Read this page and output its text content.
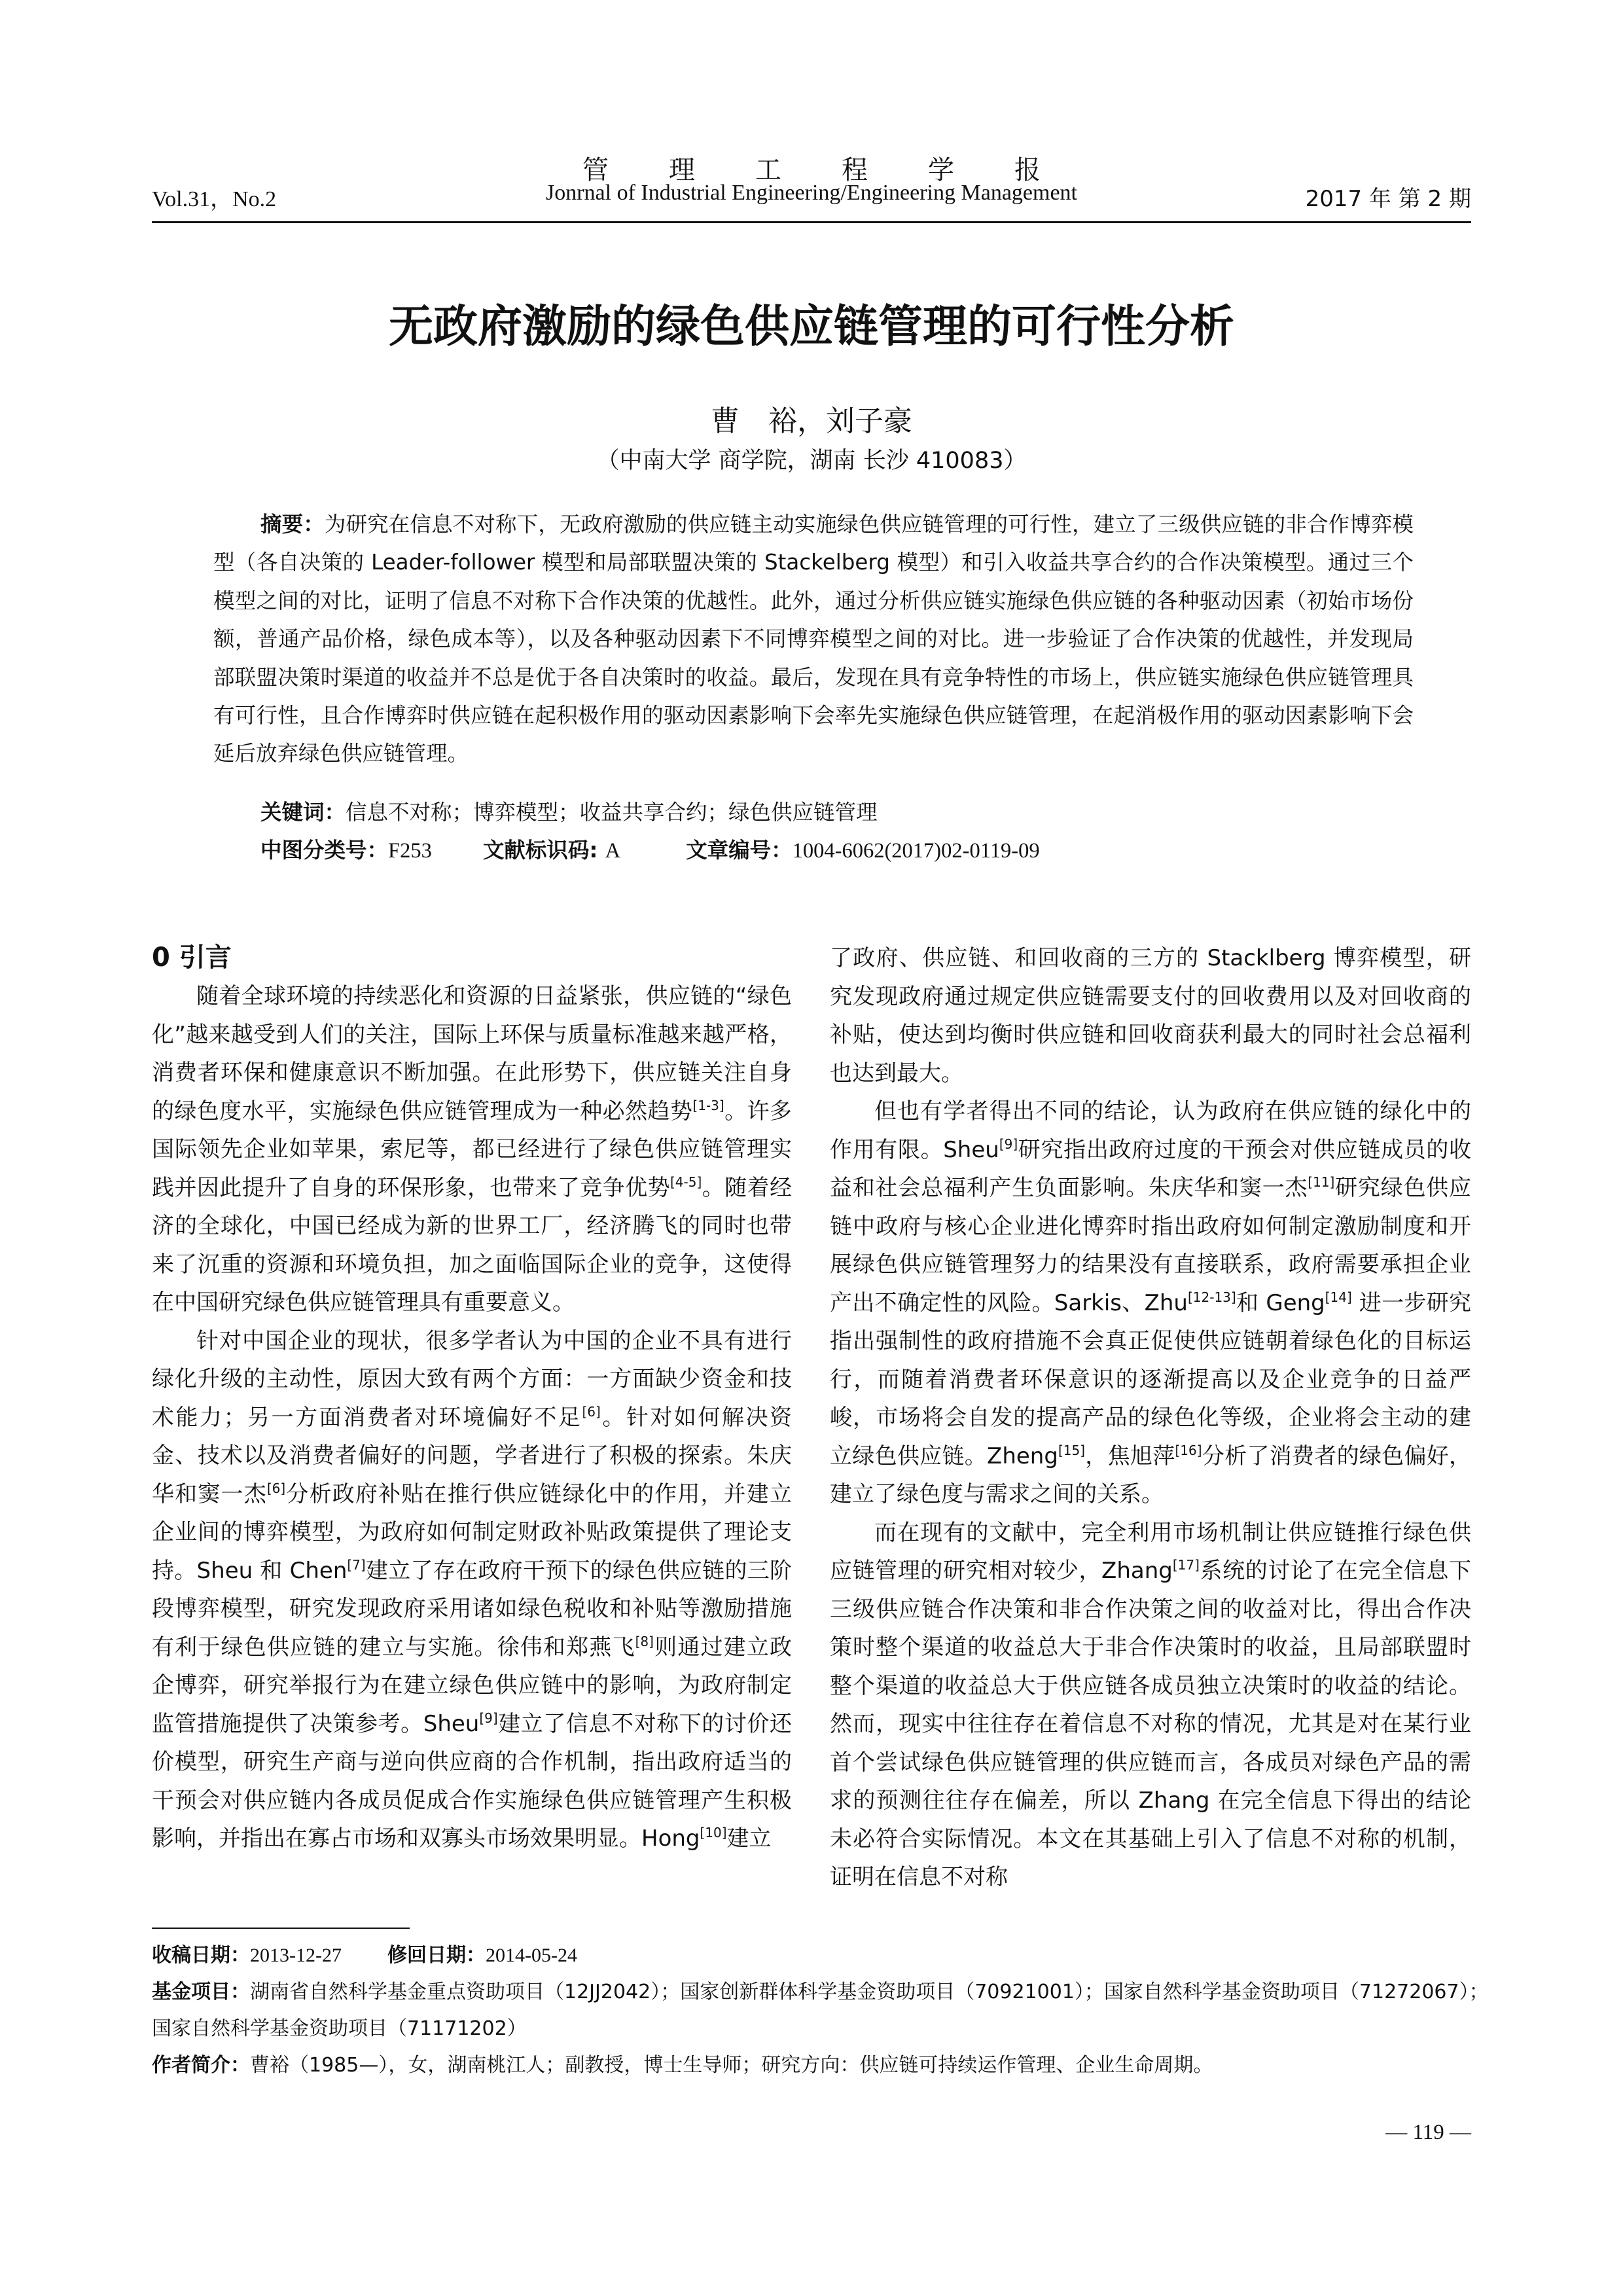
管理工程学报
Vol.31，No.2	Jonrnal of Industrial Engineering/Engineering Management	2017 年 第 2 期
无政府激励的绿色供应链管理的可行性分析
曹　裕，刘子豪
（中南大学 商学院，湖南 长沙 410083）
摘要：为研究在信息不对称下，无政府激励的供应链主动实施绿色供应链管理的可行性，建立了三级供应链的非合作博弈模型（各自决策的 Leader-follower 模型和局部联盟决策的 Stackelberg 模型）和引入收益共享合约的合作决策模型。通过三个模型之间的对比，证明了信息不对称下合作决策的优越性。此外，通过分析供应链实施绿色供应链的各种驱动因素（初始市场份额，普通产品价格，绿色成本等），以及各种驱动因素下不同博弈模型之间的对比。进一步验证了合作决策的优越性，并发现局部联盟决策时渠道的收益并不总是优于各自决策时的收益。最后，发现在具有竞争特性的市场上，供应链实施绿色供应链管理具有可行性，且合作博弈时供应链在起积极作用的驱动因素影响下会率先实施绿色供应链管理，在起消极作用的驱动因素影响下会延后放弃绿色供应链管理。
关键词：信息不对称；博弈模型；收益共享合约；绿色供应链管理
中图分类号：F253 文献标识码: A	文章编号：1004-6062(2017)02-0119-09
0 引言

随着全球环境的持续恶化和资源的日益紧张，供应链的“绿色化”越来越受到人们的关注，国际上环保与质量标准越来越严格，消费者环保和健康意识不断加强。在此形势下，供应链关注自身的绿色度水平，实施绿色供应链管理成为一种必然趋势[1-3]。许多国际领先企业如苹果，索尼等，都已经进行了绿色供应链管理实践并因此提升了自身的环保形象，也带来了竞争优势[4-5]。随着经济的全球化，中国已经成为新的世界工厂，经济腾飞的同时也带来了沉重的资源和环境负担，加之面临国际企业的竞争，这使得在中国研究绿色供应链管理具有重要意义。

针对中国企业的现状，很多学者认为中国的企业不具有进行绿化升级的主动性，原因大致有两个方面：一方面缺少资金和技术能力；另一方面消费者对环境偏好不足[6]。针对如何解决资金、技术以及消费者偏好的问题，学者进行了积极的探索。朱庆华和窦一杰[6]分析政府补贴在推行供应链绿化中的作用，并建立企业间的博弈模型，为政府如何制定财政补贴政策提供了理论支持。Sheu 和 Chen[7]建立了存在政府干预下的绿色供应链的三阶段博弈模型，研究发现政府采用诸如绿色税收和补贴等激励措施有利于绿色供应链的建立与实施。徐伟和郑燕飞[8]则通过建立政企博弈，研究举报行为在建立绿色供应链中的影响，为政府制定监管措施提供了决策参考。Sheu[9]建立了信息不对称下的讨价还价模型，研究生产商与逆向供应商的合作机制，指出政府适当的干预会对供应链内各成员促成合作实施绿色供应链管理产生积极影响，并指出在寡占市场和双寡头市场效果明显。Hong[10]建立

了政府、供应链、和回收商的三方的 Stacklberg 博弈模型，研究发现政府通过规定供应链需要支付的回收费用以及对回收商的补贴，使达到均衡时供应链和回收商获利最大的同时社会总福利也达到最大。

但也有学者得出不同的结论，认为政府在供应链的绿化中的作用有限。Sheu[9]研究指出政府过度的干预会对供应链成员的收益和社会总福利产生负面影响。朱庆华和窦一杰[11]研究绿色供应链中政府与核心企业进化博弈时指出政府如何制定激励制度和开展绿色供应链管理努力的结果没有直接联系，政府需要承担企业产出不确定性的风险。Sarkis、Zhu[12-13]和 Geng[14] 进一步研究指出强制性的政府措施不会真正促使供应链朝着绿色化的目标运行，而随着消费者环保意识的逐渐提高以及企业竞争的日益严峻，市场将会自发的提高产品的绿色化等级，企业将会主动的建立绿色供应链。Zheng[15]，焦旭萍[16]分析了消费者的绿色偏好，建立了绿色度与需求之间的关系。

而在现有的文献中，完全利用市场机制让供应链推行绿色供应链管理的研究相对较少，Zhang[17]系统的讨论了在完全信息下三级供应链合作决策和非合作决策之间的收益对比，得出合作决策时整个渠道的收益总大于非合作决策时的收益，且局部联盟时整个渠道的收益总大于供应链各成员独立决策时的收益的结论。然而，现实中往往存在着信息不对称的情况，尤其是对在某行业首个尝试绿色供应链管理的供应链而言，各成员对绿色产品的需求的预测往往存在偏差，所以 Zhang 在完全信息下得出的结论未必符合实际情况。本文在其基础上引入了信息不对称的机制，证明在信息不对称

收稿日期：2013-12-27 修回日期：2014-05-24
基金项目：湖南省自然科学基金重点资助项目（12JJ2042）；国家创新群体科学基金资助项目（70921001）；国家自然科学基金资助项目（71272067）；
国家自然科学基金资助项目（71171202）
作者简介：曹裕（1985—），女，湖南桃江人；副教授，博士生导师；研究方向：供应链可持续运作管理、企业生命周期。
— 119 —
